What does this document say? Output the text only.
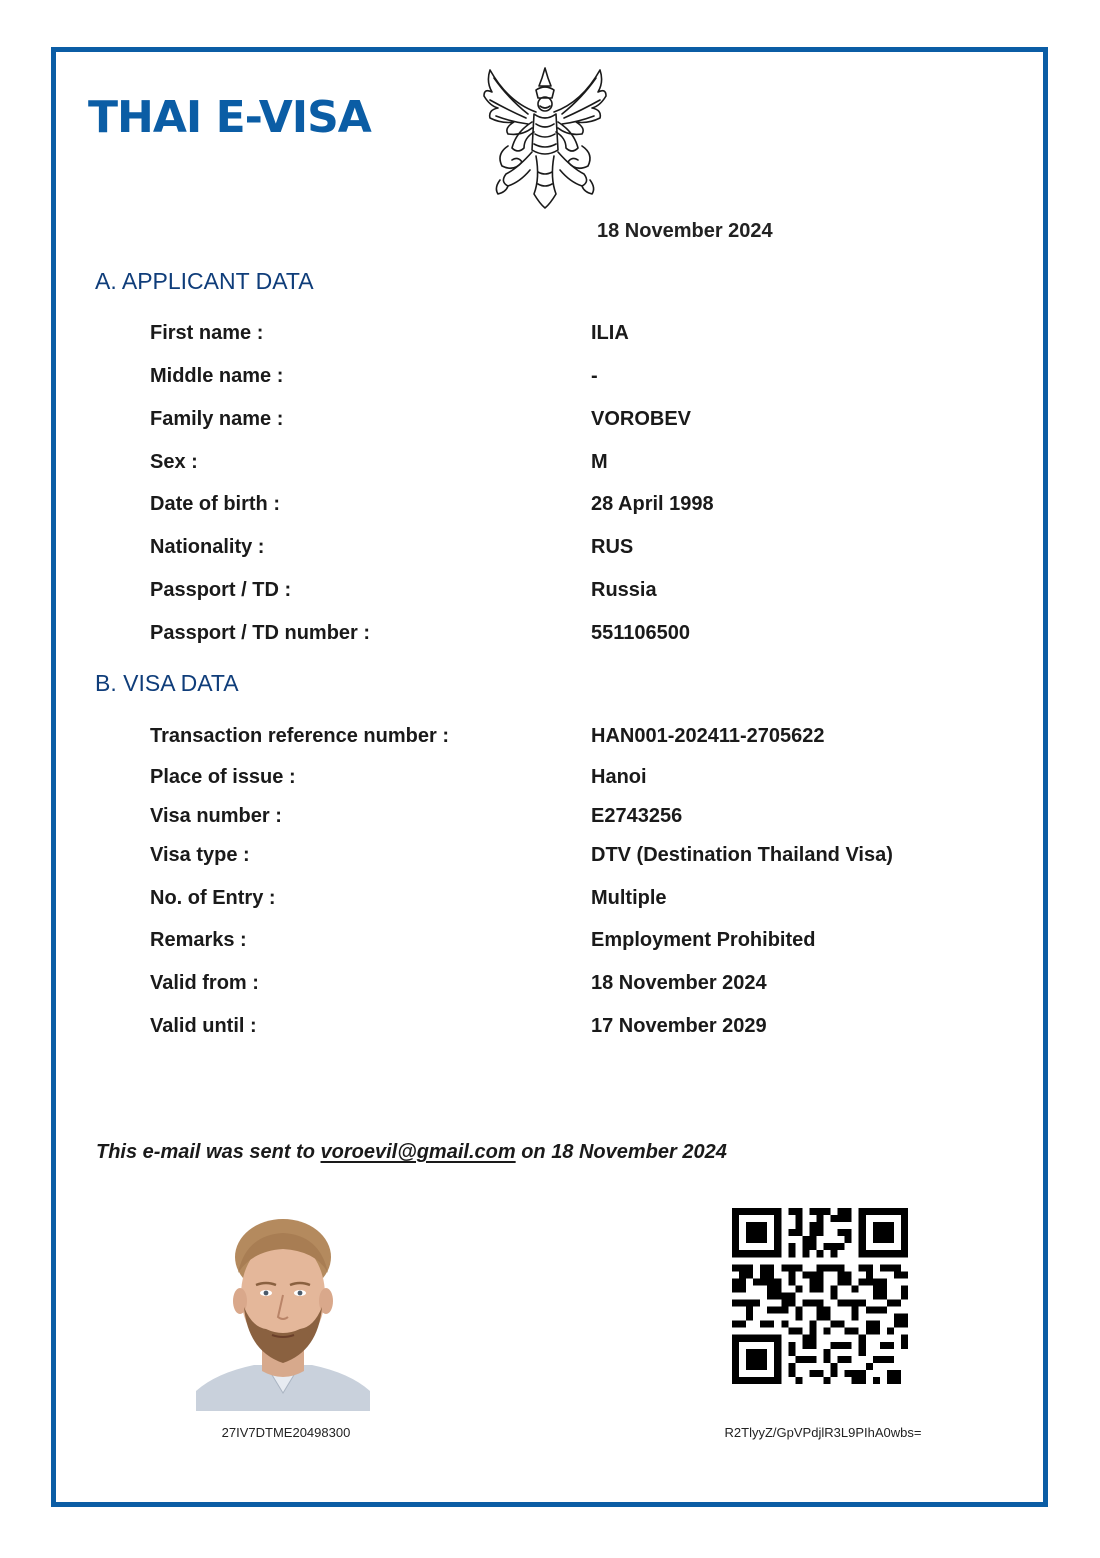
THAI E-VISA
18 November 2024
A. APPLICANT DATA
First name :	ILIA
Middle name :	-
Family name :	VOROBEV
Sex :	M
Date of birth :	28 April 1998
Nationality :	RUS
Passport / TD :	Russia
Passport / TD number :	551106500
B. VISA DATA
Transaction reference number :	HAN001-202411-2705622
Place of issue :	Hanoi
Visa number :	E2743256
Visa type :	DTV (Destination Thailand Visa)
No. of Entry :	Multiple
Remarks :	Employment Prohibited
Valid from :	18 November 2024
Valid until :	17 November 2029
This e-mail was sent to voroevil@gmail.com on 18 November 2024
27IV7DTME20498300	R2TlyyZ/GpVPdjlR3L9PIhA0wbs=
